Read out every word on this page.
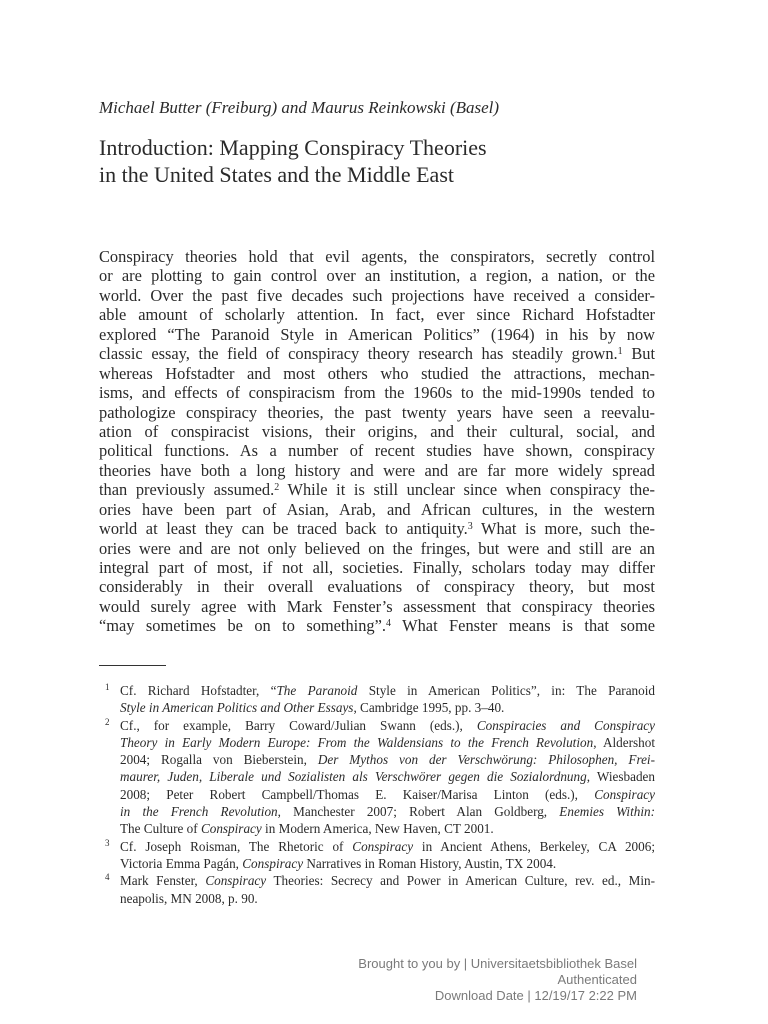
Michael Butter (Freiburg) and Maurus Reinkowski (Basel)
Introduction: Mapping Conspiracy Theories
in the United States and the Middle East
Conspiracy theories hold that evil agents, the conspirators, secretly control
or are plotting to gain control over an institution, a region, a nation, or the
world. Over the past five decades such projections have received a consider-
able amount of scholarly attention. In fact, ever since Richard Hofstadter
explored “The Paranoid Style in American Politics” (1964) in his by now
classic essay, the field of conspiracy theory research has steadily grown.$^1$ But
whereas Hofstadter and most others who studied the attractions, mechan-
isms, and effects of conspiracism from the 1960s to the mid-1990s tended to
pathologize conspiracy theories, the past twenty years have seen a reevalu-
ation of conspiracist visions, their origins, and their cultural, social, and
political functions. As a number of recent studies have shown, conspiracy
theories have both a long history and were and are far more widely spread
than previously assumed.$^2$ While it is still unclear since when conspiracy the-
ories have been part of Asian, Arab, and African cultures, in the western
world at least they can be traced back to antiquity.$^3$ What is more, such the-
ories were and are not only believed on the fringes, but were and still are an
integral part of most, if not all, societies. Finally, scholars today may differ
considerably in their overall evaluations of conspiracy theory, but most
would surely agree with Mark Fenster’s assessment that conspiracy theories
“may sometimes be on to something”.$^4$ What Fenster means is that some
1 Cf. Richard Hofstadter, “The Paranoid Style in American Politics”, in: The Paranoid
Style in American Politics and Other Essays, Cambridge 1995, pp. 3–40.
2 Cf., for example, Barry Coward/Julian Swann (eds.), Conspiracies and Conspiracy
Theory in Early Modern Europe: From the Waldensians to the French Revolution, Aldershot
2004; Rogalla von Bieberstein, Der Mythos von der Verschwörung: Philosophen, Frei-
maurer, Juden, Liberale und Sozialisten als Verschwörer gegen die Sozialordnung, Wiesbaden
2008; Peter Robert Campbell/Thomas E. Kaiser/Marisa Linton (eds.), Conspiracy
in the French Revolution, Manchester 2007; Robert Alan Goldberg, Enemies Within:
The Culture of Conspiracy in Modern America, New Haven, CT 2001.
3 Cf. Joseph Roisman, The Rhetoric of Conspiracy in Ancient Athens, Berkeley, CA 2006;
Victoria Emma Pagán, Conspiracy Narratives in Roman History, Austin, TX 2004.
4 Mark Fenster, Conspiracy Theories: Secrecy and Power in American Culture, rev. ed., Min-
neapolis, MN 2008, p. 90.
Brought to you by | Universitaetsbibliothek Basel
Authenticated
Download Date | 12/19/17 2:22 PM
